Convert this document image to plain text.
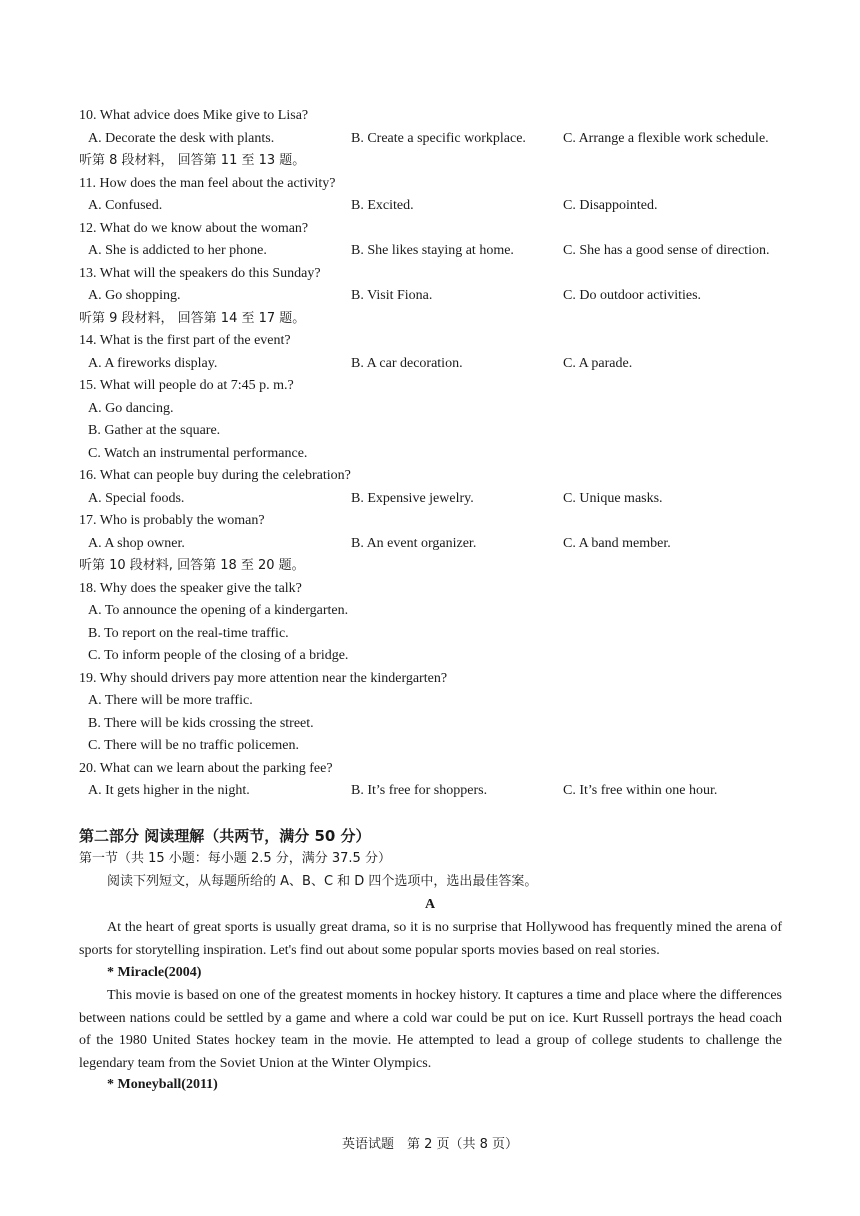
10. What advice does Mike give to Lisa?
A. Decorate the desk with plants.	B. Create a specific workplace.	C. Arrange a flexible work schedule.
听第 8 段材料， 回答第 11 至 13 题。
11. How does the man feel about the activity?
A. Confused.	B. Excited.	C. Disappointed.
12. What do we know about the woman?
A. She is addicted to her phone.	B. She likes staying at home.	C. She has a good sense of direction.
13. What will the speakers do this Sunday?
A. Go shopping.	B. Visit Fiona.	C. Do outdoor activities.
听第 9 段材料， 回答第 14 至 17 题。
14. What is the first part of the event?
A. A fireworks display.	B. A car decoration.	C. A parade.
15. What will people do at 7:45 p. m.?
A. Go dancing.
B. Gather at the square.
C. Watch an instrumental performance.
16. What can people buy during the celebration?
A. Special foods.	B. Expensive jewelry.	C. Unique masks.
17. Who is probably the woman?
A. A shop owner.	B. An event organizer.	C. A band member.
听第 10 段材料, 回答第 18 至 20 题。
18. Why does the speaker give the talk?
A. To announce the opening of a kindergarten.
B. To report on the real-time traffic.
C. To inform people of the closing of a bridge.
19. Why should drivers pay more attention near the kindergarten?
A. There will be more traffic.
B. There will be kids crossing the street.
C. There will be no traffic policemen.
20. What can we learn about the parking fee?
A. It gets higher in the night.	B. It’s free for shoppers.	C. It’s free within one hour.
第二部分 阅读理解（共两节，满分 50 分）
第一节（共 15 小题：每小题 2.5 分，满分 37.5 分）
阅读下列短文，从每题所给的 A、B、C 和 D 四个选项中，选出最佳答案。
A
At the heart of great sports is usually great drama, so it is no surprise that Hollywood has frequently mined the arena of sports for storytelling inspiration. Let's find out about some popular sports movies based on real stories.
* Miracle(2004)
This movie is based on one of the greatest moments in hockey history. It captures a time and place where the differences between nations could be settled by a game and where a cold war could be put on ice. Kurt Russell portrays the head coach of the 1980 United States hockey team in the movie. He attempted to lead a group of college students to challenge the legendary team from the Soviet Union at the Winter Olympics.
* Moneyball(2011)
英语试题　第 2 页（共 8 页）
